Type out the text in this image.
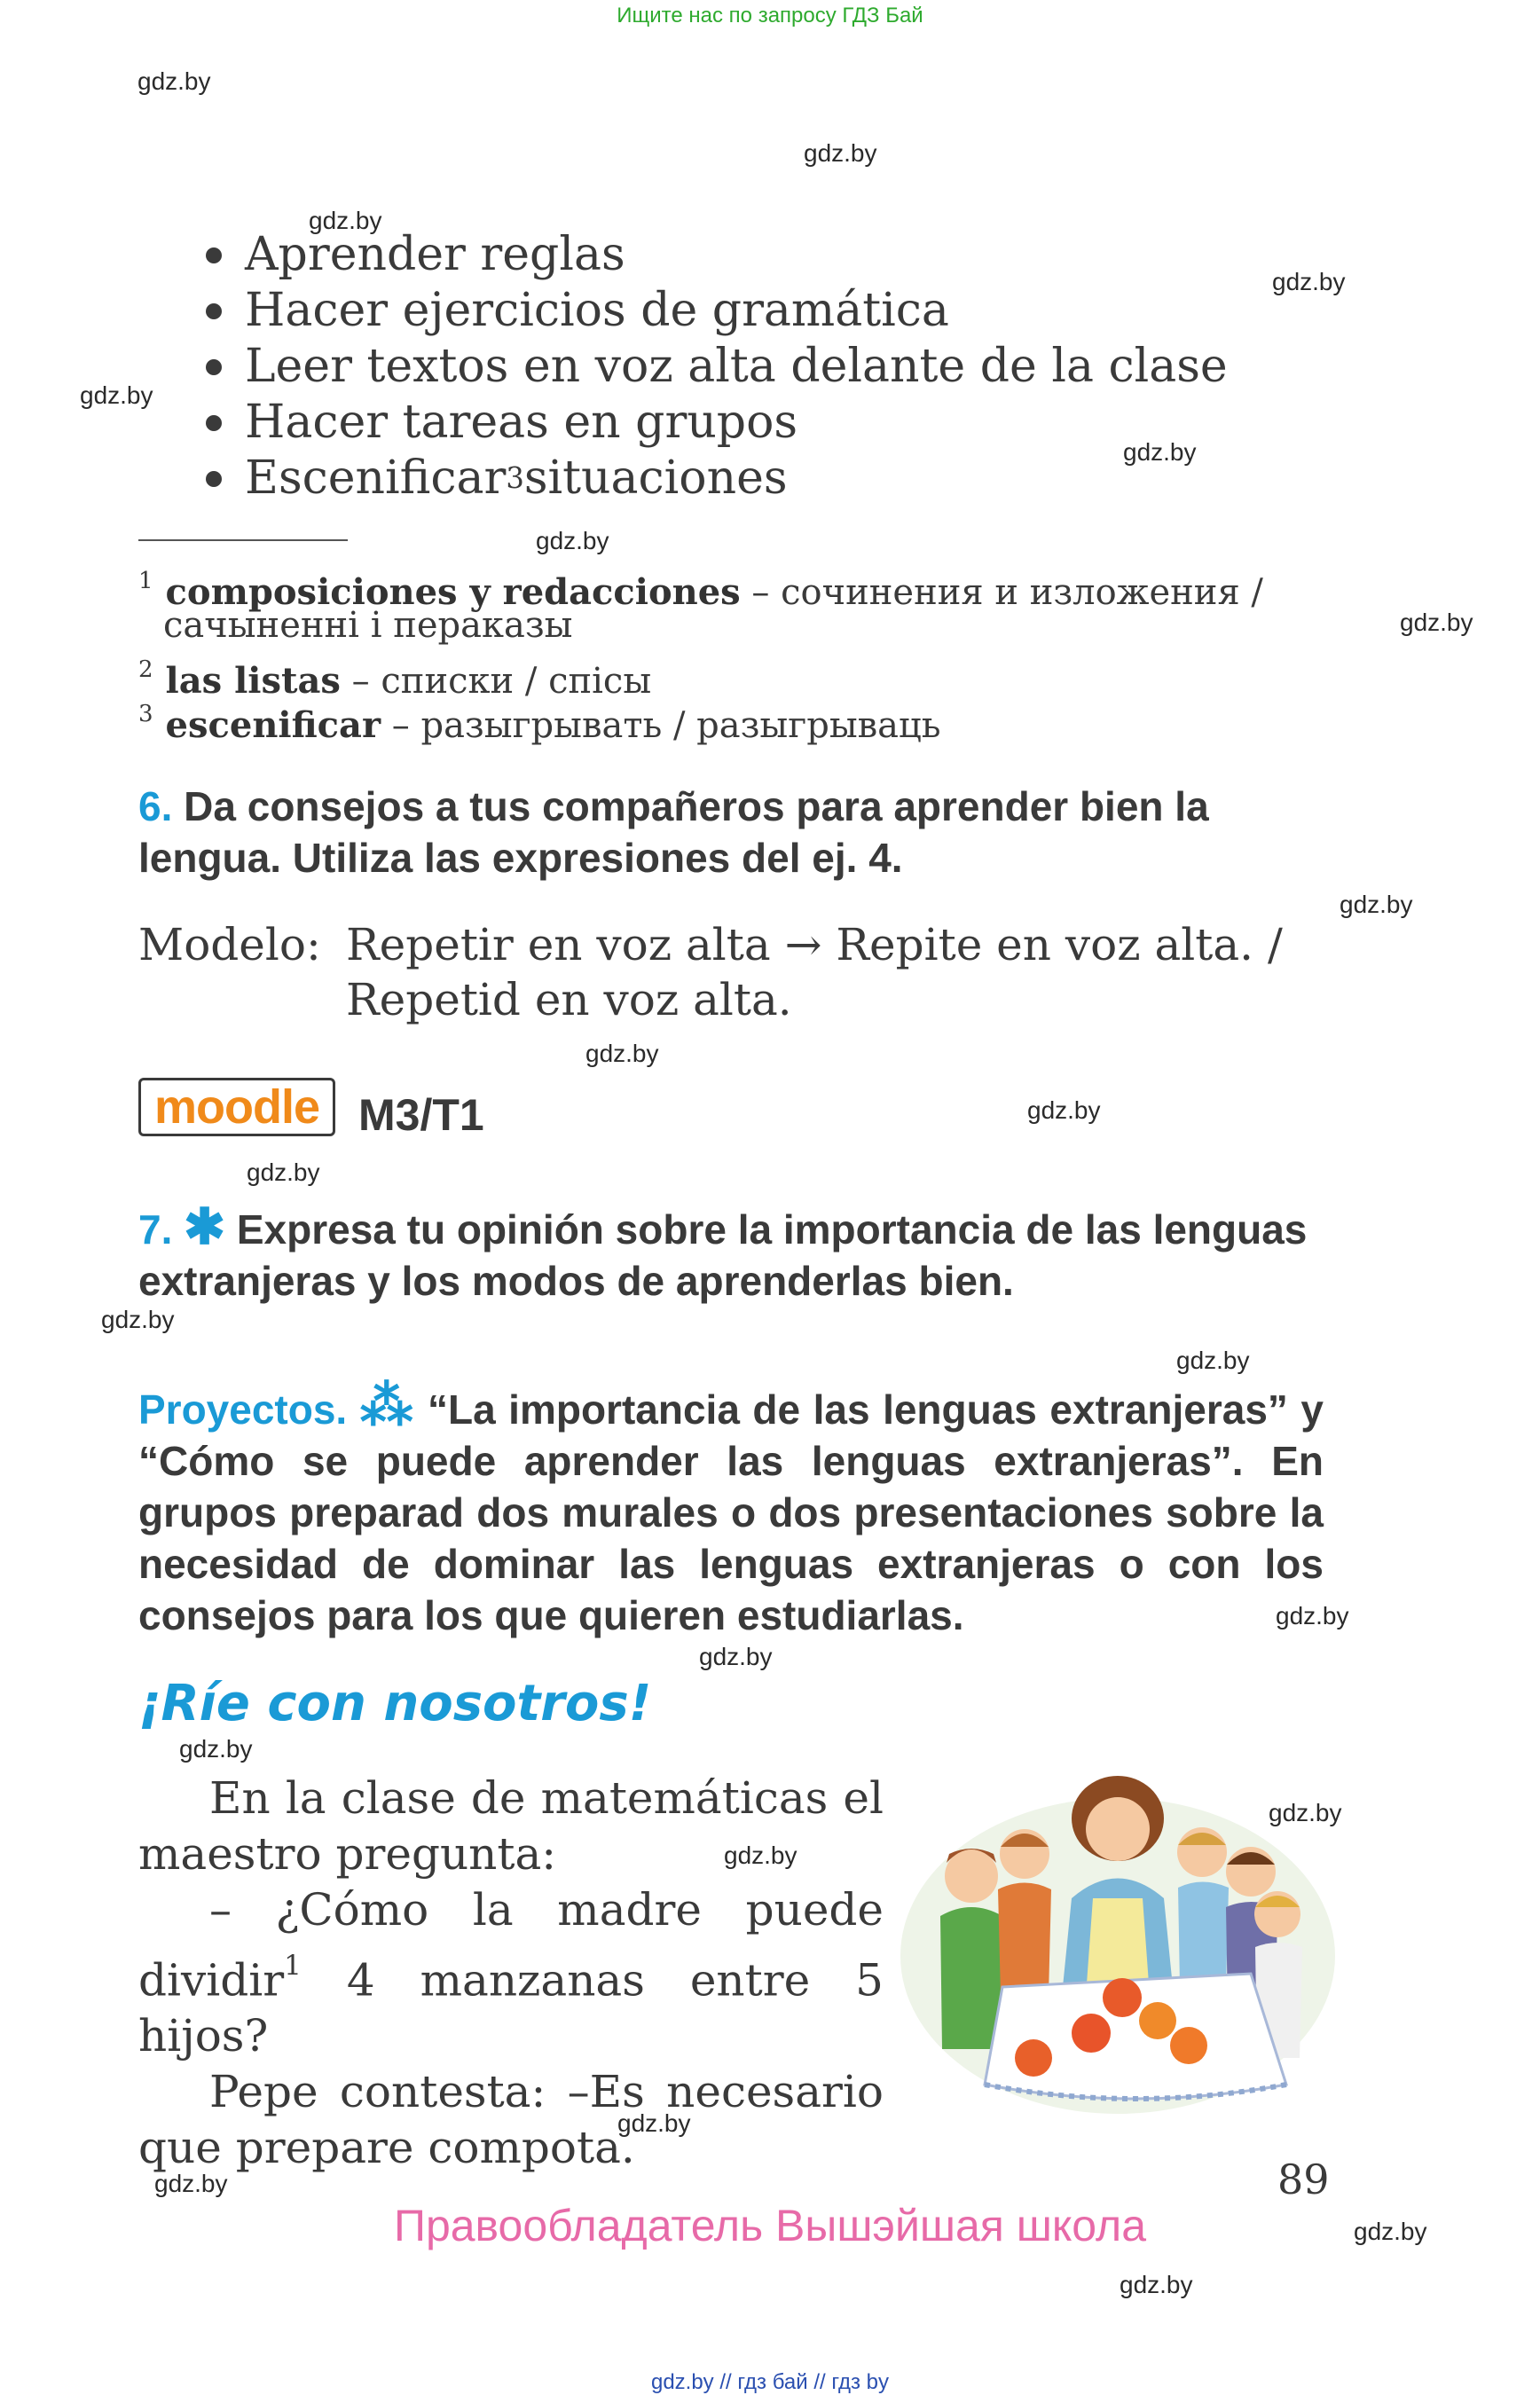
Ищите нас по запросу ГДЗ Бай
gdz.by
gdz.by
gdz.by
gdz.by
gdz.by
gdz.by
gdz.by
gdz.by
gdz.by
gdz.by
gdz.by
gdz.by
gdz.by
gdz.by
gdz.by
gdz.by
gdz.by
gdz.by
gdz.by
gdz.by
gdz.by
gdz.by
gdz.by
Aprender reglas
Hacer ejercicios de gramática
Leer textos en voz alta delante de la clase
Hacer tareas en grupos
Escenificar 3 situaciones
$^1$ composiciones y redacciones – сочинения и изложения /
сачыненні і пераказы
$^2$ las listas – списки / спісы
$^3$ escenificar – разыгрывать / разыгрываць
6. Da consejos a tus compañeros para aprender bien la lengua. Utiliza las expresiones del ej. 4.
Modelo: Repetir en voz alta → Repite en voz alta. /
Repetid en voz alta.
moodle M3/T1
7. ✱ Expresa tu opinión sobre la importancia de las lenguas extranjeras y los modos de aprenderlas bien.
Proyectos. ⁂ “La importancia de las lenguas extranjeras” y “Cómo se puede aprender las lenguas extranjeras”. En grupos preparad dos murales o dos presentaciones sobre la necesidad de dominar las lenguas extranjeras o con los consejos para los que quieren estudiarlas.
¡Ríe con nosotros!
En la clase de matemáticas el maestro pregunta:
– ¿Cómo la madre puede dividir$^1$ 4 manzanas entre 5 hijos?
Pepe contesta: –Es necesario que prepare compota.
89
Правообладатель Вышэйшая школа
gdz.by // гдз бай // гдз by
